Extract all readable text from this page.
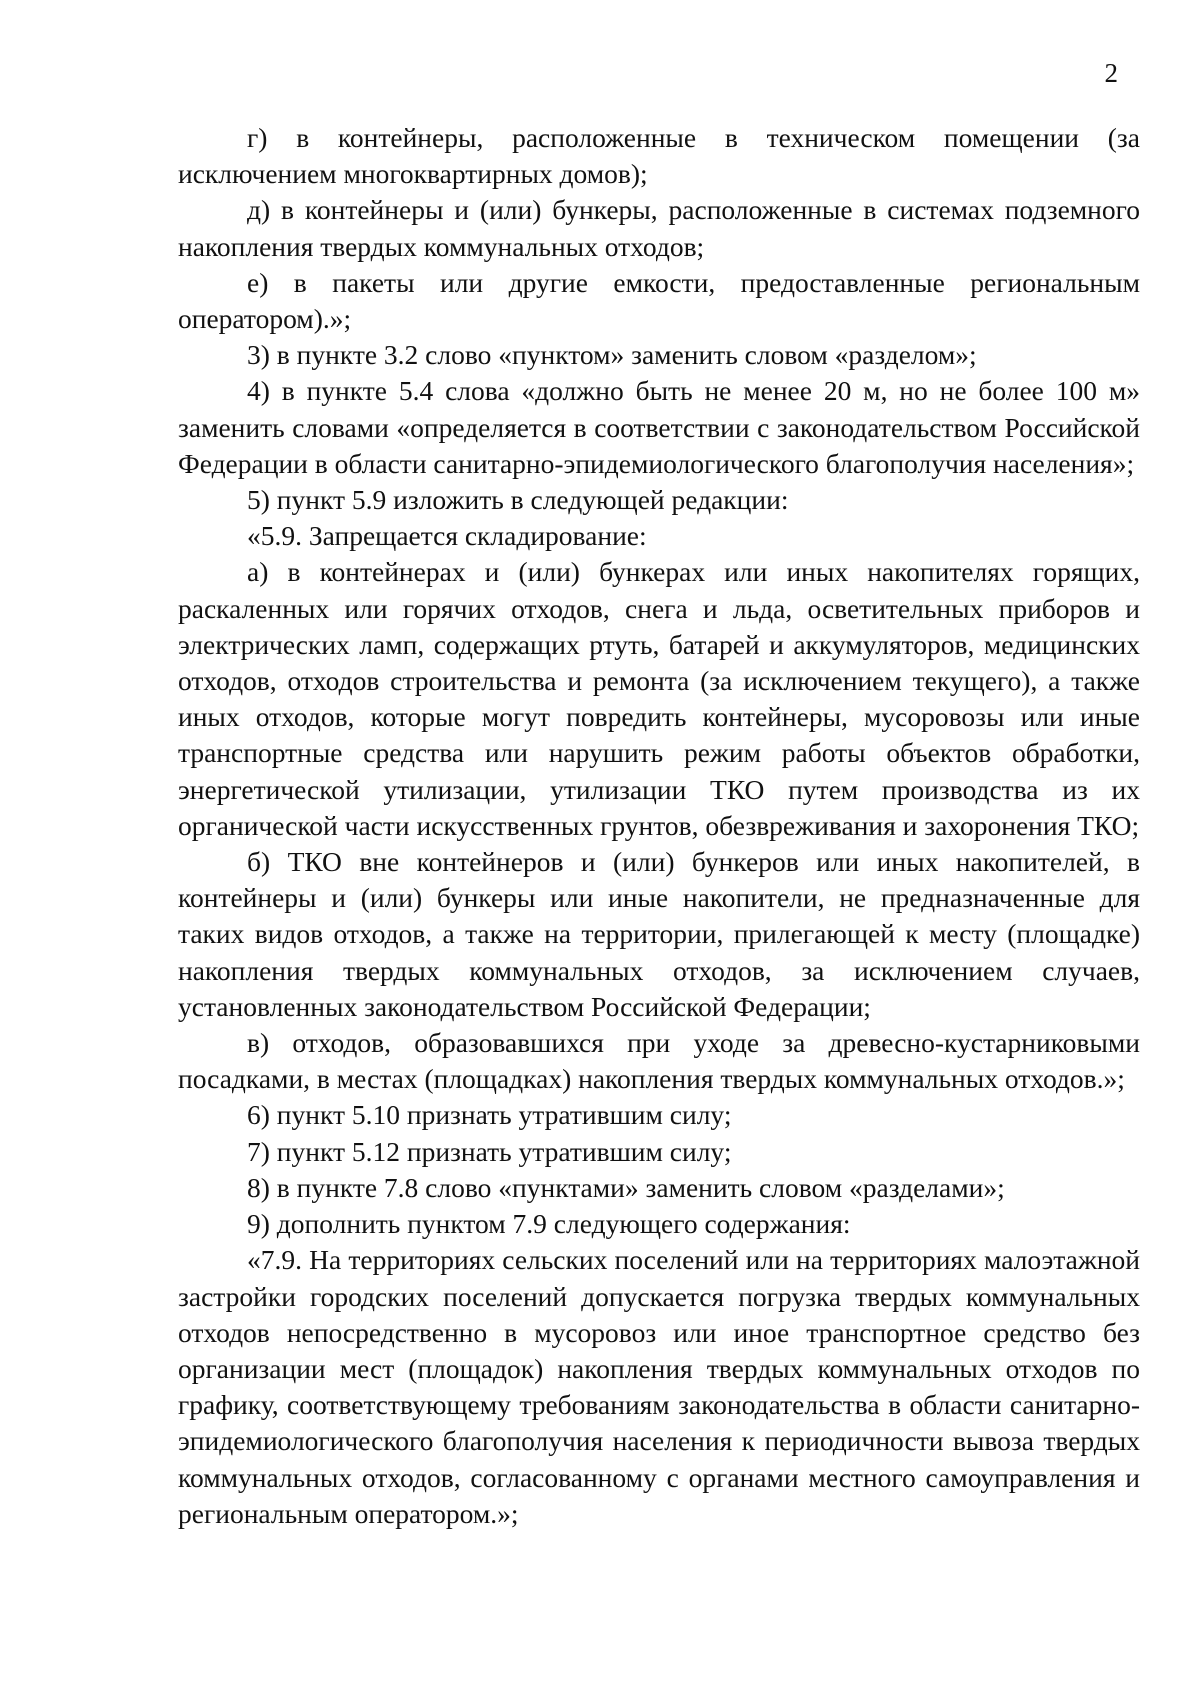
2

г) в контейнеры, расположенные в техническом помещении (за исключением многоквартирных домов);

д) в контейнеры и (или) бункеры, расположенные в системах подземного накопления твердых коммунальных отходов;

е) в пакеты или другие емкости, предоставленные региональным оператором).»;

3) в пункте 3.2 слово «пунктом» заменить словом «разделом»;

4) в пункте 5.4 слова «должно быть не менее 20 м, но не более 100 м» заменить словами «определяется в соответствии с законодательством Российской Федерации в области санитарно-эпидемиологического благополучия населения»;

5) пункт 5.9 изложить в следующей редакции:

«5.9. Запрещается складирование:

а) в контейнерах и (или) бункерах или иных накопителях горящих, раскаленных или горячих отходов, снега и льда, осветительных приборов и электрических ламп, содержащих ртуть, батарей и аккумуляторов, медицинских отходов, отходов строительства и ремонта (за исключением текущего), а также иных отходов, которые могут повредить контейнеры, мусоровозы или иные транспортные средства или нарушить режим работы объектов обработки, энергетической утилизации, утилизации ТКО путем производства из их органической части искусственных грунтов, обезвреживания и захоронения ТКО;

б) ТКО вне контейнеров и (или) бункеров или иных накопителей, в контейнеры и (или) бункеры или иные накопители, не предназначенные для таких видов отходов, а также на территории, прилегающей к месту (площадке) накопления твердых коммунальных отходов, за исключением случаев, установленных законодательством Российской Федерации;

в) отходов, образовавшихся при уходе за древесно-кустарниковыми посадками, в местах (площадках) накопления твердых коммунальных отходов.»;

6) пункт 5.10 признать утратившим силу;

7) пункт 5.12 признать утратившим силу;

8) в пункте 7.8 слово «пунктами» заменить словом «разделами»;

9) дополнить пунктом 7.9 следующего содержания:

«7.9. На территориях сельских поселений или на территориях малоэтажной застройки городских поселений допускается погрузка твердых коммунальных отходов непосредственно в мусоровоз или иное транспортное средство без организации мест (площадок) накопления твердых коммунальных отходов по графику, соответствующему требованиям законодательства в области санитарно-эпидемиологического благополучия населения к периодичности вывоза твердых коммунальных отходов, согласованному с органами местного самоуправления и региональным оператором.»;
